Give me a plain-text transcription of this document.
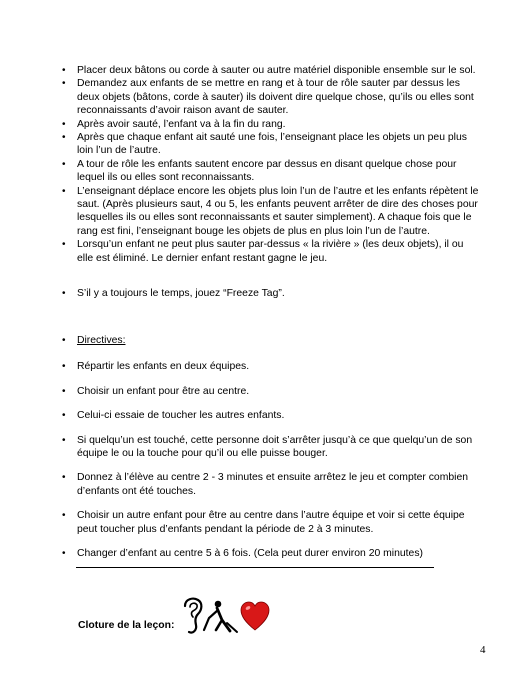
• Placer deux bâtons ou corde à sauter ou autre matériel disponible ensemble sur le sol.
• Demandez aux enfants de se mettre en rang et à tour de rôle sauter par dessus les deux objets (bâtons, corde à sauter) ils doivent dire quelque chose, qu’ils ou elles sont reconnaissants d’avoir raison avant de sauter.
• Après avoir sauté, l’enfant va à la fin du rang.
• Après que chaque enfant ait sauté une fois, l’enseignant place les objets un peu plus loin l’un de l’autre.
• A tour de rôle les enfants sautent encore par dessus en disant quelque chose pour lequel ils ou elles sont reconnaissants.
• L’enseignant déplace encore les objets plus loin l’un de l’autre et les enfants répètent le saut. (Après plusieurs saut, 4 ou 5, les enfants peuvent arrêter de dire des choses pour lesquelles ils ou elles sont reconnaissants et sauter simplement). A chaque fois que le rang est fini, l’enseignant bouge les objets de plus en plus loin l’un de l’autre.
• Lorsqu’un enfant ne peut plus sauter par-dessus « la rivière » (les deux objets), il ou elle est éliminé. Le dernier enfant restant gagne le jeu.
• S’il y a toujours le temps, jouez “Freeze Tag”.
• Directives:
• Répartir les enfants en deux équipes.
• Choisir un enfant pour être au centre.
• Celui-ci essaie de toucher les autres enfants.
• Si quelqu’un est touché, cette personne doit s’arrêter jusqu’à ce que quelqu’un de son équipe le ou la touche pour qu’il ou elle puisse bouger.
• Donnez à l’élève au centre 2 - 3 minutes et ensuite arrêtez le jeu et compter combien d’enfants ont été touches.
• Choisir un autre enfant pour être au centre dans l’autre équipe et voir si cette équipe peut toucher plus d’enfants pendant la période de 2 à 3 minutes.
• Changer d’enfant au centre 5 à 6 fois. (Cela peut durer environ 20 minutes)
Cloture de la leçon:
4
